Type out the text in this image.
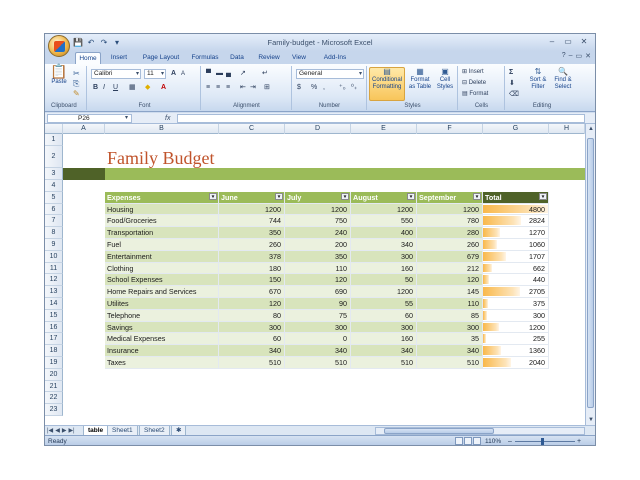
💾 ↶ ↷ ▾	Family-budget - Microsoft Excel	–	▭	✕
Home	Insert	Page Layout	Formulas	Data	Review	View	Add-Ins	? – ▭ ✕
📋
Paste
✂
⎘
✎
Clipboard
Calibri ▾	11 ▾	A A
B I U ▦ ◆ A
Font
▀ ▬ ▄ ↗ ↵
≡ ≡ ≡ ⇤ ⇥ ⊞
Alignment
General ▾
$ % , ⁺₀ ⁰₊
Number
▤
Conditional
Formatting
▦
Format
as Table
▣
Cell
Styles
Styles
⊞ Insert
⊟ Delete
▤ Format
Cells
Σ
⬇
⌫
⇅
Sort &
Filter
🔍
Find &
Select
Editing
P26	▾	fx
A	B	C	D	E	F	G	H
1
2
3
4
5
6
7
8
9
10
11
12
13
14
15
16
17
18
19
20
21
22
23
Family Budget
Expenses	▾ June	▾ July	▾ August	▾ September	▾ Total	▾
Housing	1200	1200	1200	1200	4800
Food/Groceries	744	750	550	780	2824
Transportation	350	240	400	280	1270
Fuel	260	200	340	260	1060
Entertainment	378	350	300	679	1707
Clothing	180	110	160	212	662
School Expenses	150	120	50	120	440
Home Repairs and Services	670	690	1200	145	2705
Utilites	120	90	55	110	375
Telephone	80	75	60	85	300
Savings	300	300	300	300	1200
Medical Expenses	60	0	160	35	255
Insurance	340	340	340	340	1360
Taxes	510	510	510	510	2040
▲
▼
|◀ ◀ ▶ ▶|	table	Sheet1	Sheet2	✱
Ready	110% –	+
